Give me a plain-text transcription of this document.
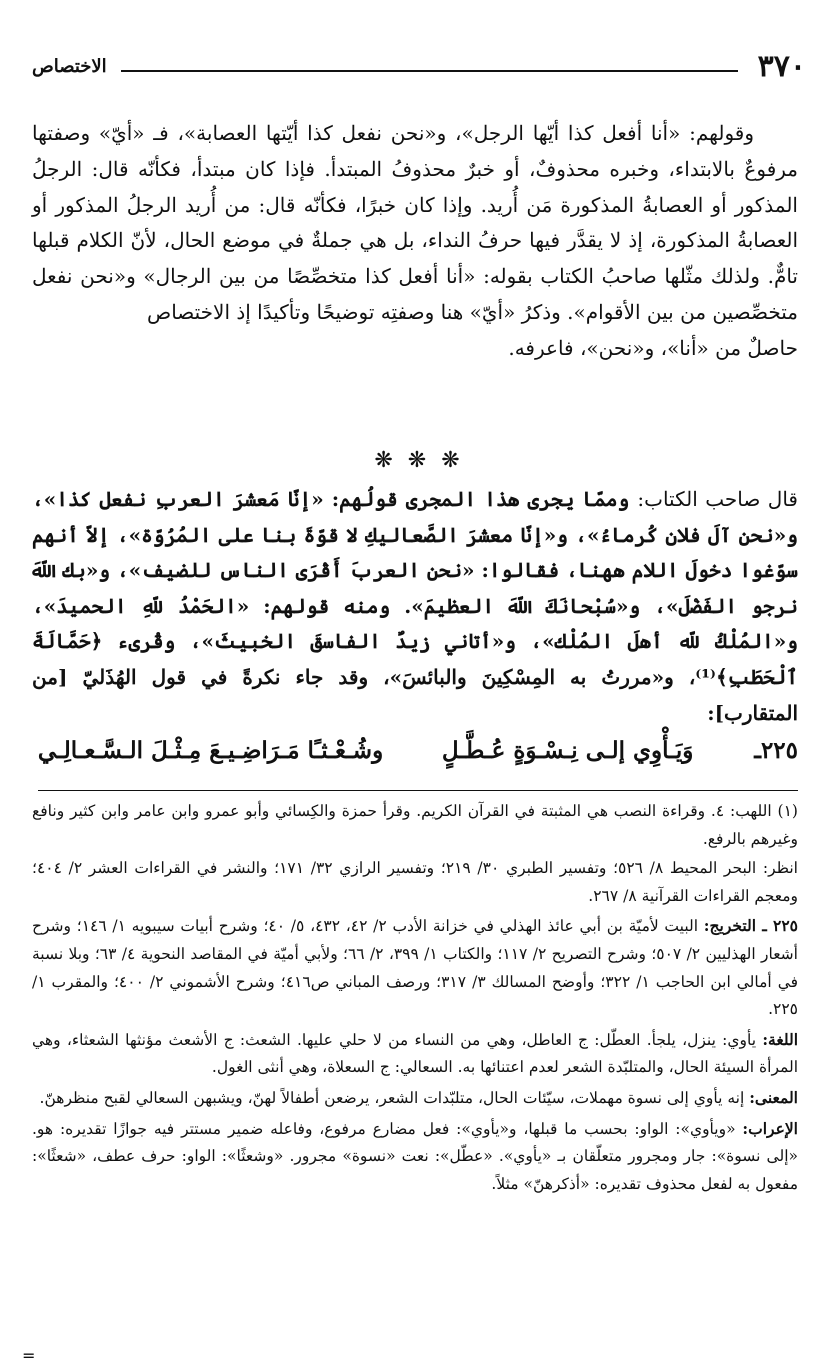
٣٧٠
الاختصاص

وقولهم: «أنا أفعل كذا أيّها الرجل»، و«نحن نفعل كذا أيّتها العصابة»، فـ «أيّ» وصفتها مرفوعٌ بالابتداء، وخبره محذوفٌ، أو خبرٌ محذوفُ المبتدأ. فإذا كان مبتدأ، فكأنّه قال: الرجلُ المذكور أو العصابةُ المذكورة مَن أُريد. وإذا كان خبرًا، فكأنّه قال: من أُريد الرجلُ المذكور أو العصابةُ المذكورة، إذ لا يقدَّر فيها حرفُ النداء، بل هي جملةٌ في موضع الحال، لأنّ الكلام قبلها تامٌّ. ولذلك مثّلها صاحبُ الكتاب بقوله: «أنا أفعل كذا متخصِّصًا من بين الرجال» و«نحن نفعل متخصِّصين من بين الأقوام». وذكرُ «أيّ» هنا وصفتِه توضيحًا وتأكيدًا إذ الاختصاص

حاصلٌ من «أنا»، و«نحن»، فاعرفه.

❋ ❋ ❋
قال صاحب الكتاب: وممّا يجرى هذا المجرى قولُهم: «إنّا مَعشرَ العربِ نفعل كذا»، و«نحن آلَ فلان كُرماءُ»، و«إنّا معشرَ الصَّعاليكِ لا قوّةَ بنا على المُرُوّة»، إلاّ أنهم سوّغوا دخولَ اللام ههنا، فقالوا: «نحن العربَ أَقْرَى الناس للضيف»، و«بك اللّهَ نرجو الفَضْلَ»، و«سُبْحانَكَ اللّهَ العظيمَ». ومنه قولهم: «الحَمْدُ للّهِ الحميدَ»، و«المُلْكُ للّه أهلَ المُلْك»، و«أتاني زيدٌ الفاسقَ الخبيثَ»، وقُرىء ﴿حَمَّالَةَ ٱلْحَطَبِ﴾⁽¹⁾، و«مررتُ به المِسْكِينَ والبائسَ»، وقد جاء نكرةً في قول الهُذَليّ [من المتقارب]:
٢٢٥ـ
وَيَـأْوِي إلـى نِـسْـوَةٍ عُـطَّـلٍ
وشُـعْـثـًا مَـرَاضِـيـعَ مِـثْـلَ الـسَّـعـالِـي

(١) اللهب: ٤. وقراءة النصب هي المثبتة في القرآن الكريم. وقرأ حمزة والكِسائي وأبو عمرو وابن عامر وابن كثير ونافع وغيرهم بالرفع.

انظر: البحر المحيط ٨/ ٥٢٦؛ وتفسير الطبري ٣٠/ ٢١٩؛ وتفسير الرازي ٣٢/ ١٧١؛ والنشر في القراءات العشر ٢/ ٤٠٤؛ ومعجم القراءات القرآنية ٨/ ٢٦٧.

٢٢٥ ـ التخريج: البيت لأميّة بن أبي عائذ الهذلي في خزانة الأدب ٢/ ٤٢، ٤٣٢، ٥/ ٤٠؛ وشرح أبيات سيبويه ١/ ١٤٦؛ وشرح أشعار الهذليين ٢/ ٥٠٧؛ وشرح التصريح ٢/ ١١٧؛ والكتاب ١/ ٣٩٩، ٢/ ٦٦؛ ولأبي أميّة في المقاصد النحوية ٤/ ٦٣؛ وبلا نسبة في أمالي ابن الحاجب ١/ ٣٢٢؛ وأوضح المسالك ٣/ ٣١٧؛ ورصف المباني ص٤١٦؛ وشرح الأشموني ٢/ ٤٠٠؛ والمقرب ١/ ٢٢٥.

اللغة: يأوي: ينزل، يلجأ. العطّل: ج العاطل، وهي من النساء من لا حلي عليها. الشعث: ج الأشعث مؤنثها الشعثاء، وهي المرأة السيئة الحال، والمتلبّدة الشعر لعدم اعتنائها به. السعالي: ج السعلاة، وهي أنثى الغول.

المعنى: إنه يأوي إلى نسوة مهملات، سيّئات الحال، متلبّدات الشعر، يرضعن أطفالاً لهنّ، ويشبهن السعالي لقبح منظرهنّ.

الإعراب: «ويأوي»: الواو: بحسب ما قبلها، و«يأوي»: فعل مضارع مرفوع، وفاعله ضمير مستتر فيه جوازًا تقديره: هو. «إلى نسوة»: جار ومجرور متعلّقان بـ «يأوي». «عطّل»: نعت «نسوة» مجرور. «وشعثًا»: الواو: حرف عطف، «شعثًا»: مفعول به لفعل محذوف تقديره: «أذكرهنّ» مثلاً.

=
